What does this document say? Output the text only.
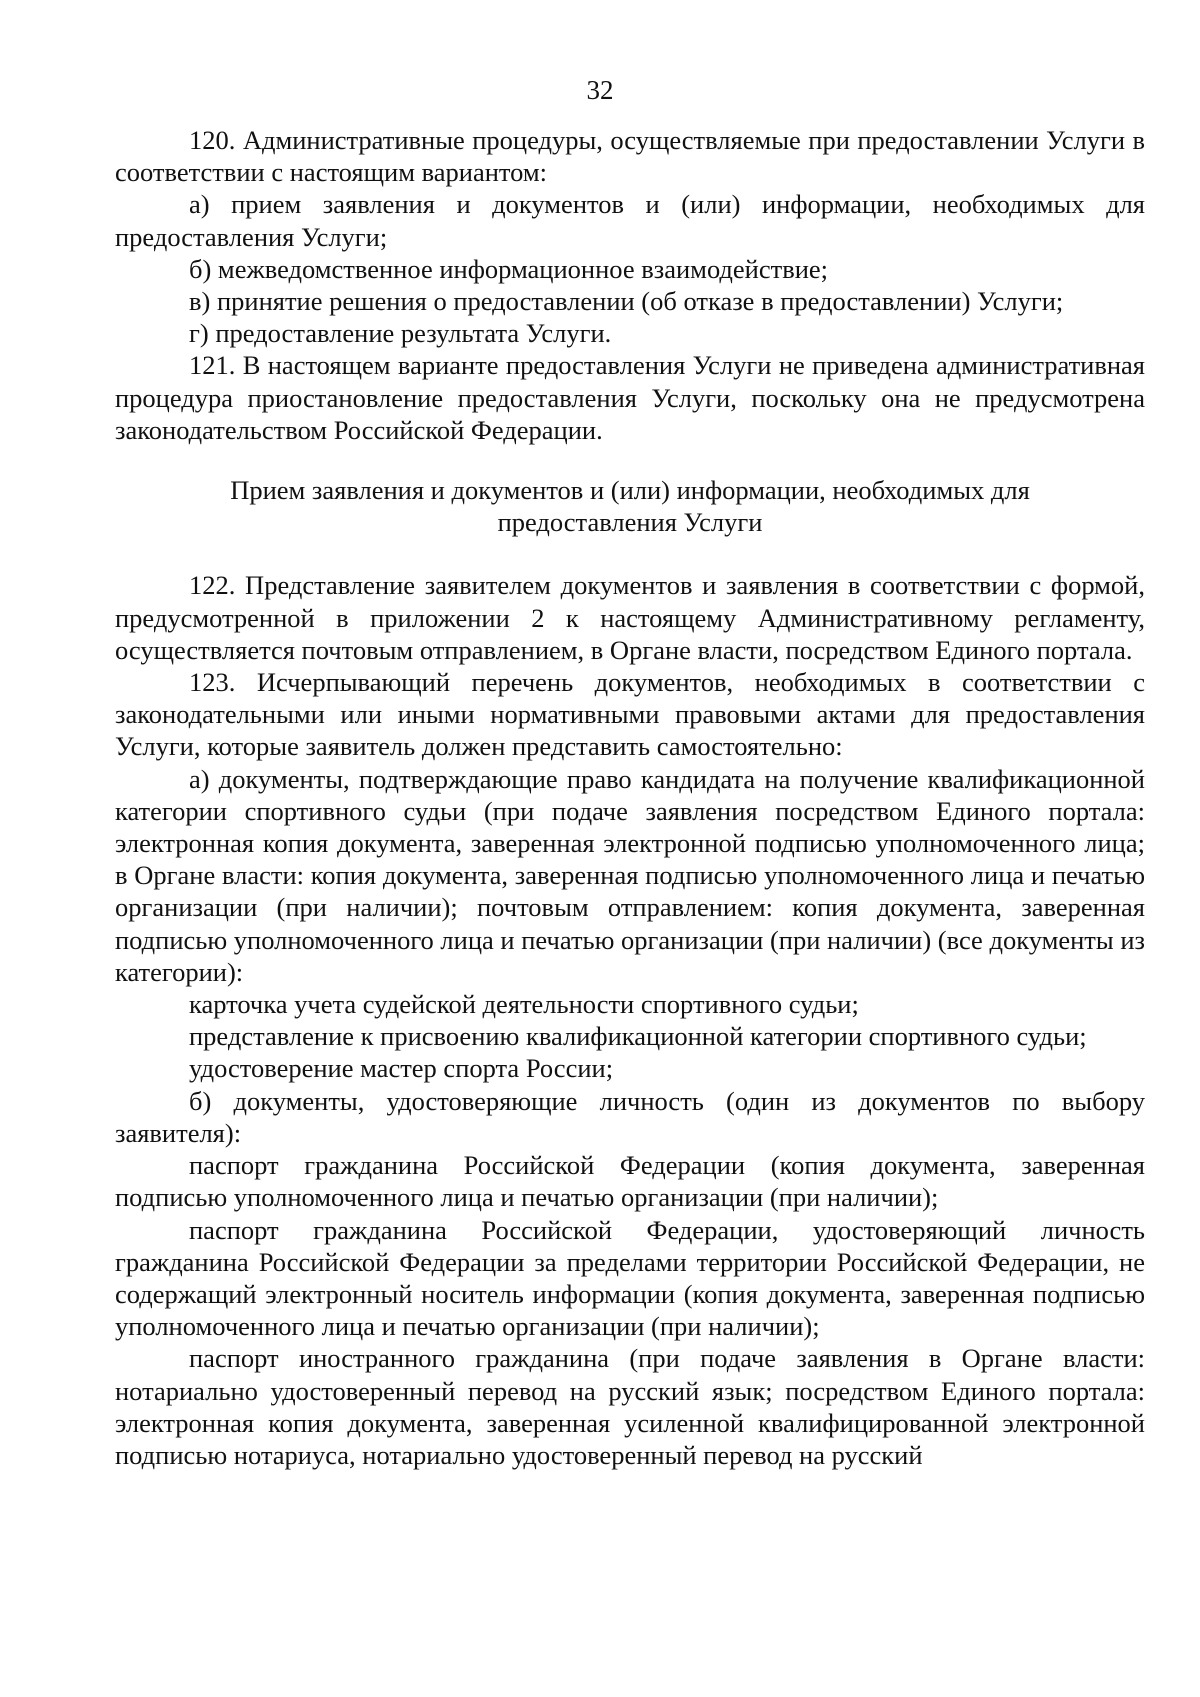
32

120. Административные процедуры, осуществляемые при предоставлении Услуги в соответствии с настоящим вариантом:

а) прием заявления и документов и (или) информации, необходимых для предоставления Услуги;

б) межведомственное информационное взаимодействие;

в) принятие решения о предоставлении (об отказе в предоставлении) Услуги;

г) предоставление результата Услуги.

121. В настоящем варианте предоставления Услуги не приведена административная процедура приостановление предоставления Услуги, поскольку она не предусмотрена законодательством Российской Федерации.

Прием заявления и документов и (или) информации, необходимых для
предоставления Услуги

122. Представление заявителем документов и заявления в соответствии с формой, предусмотренной в приложении 2 к настоящему Административному регламенту, осуществляется почтовым отправлением, в Органе власти, посредством Единого портала.

123. Исчерпывающий перечень документов, необходимых в соответствии с законодательными или иными нормативными правовыми актами для предоставления Услуги, которые заявитель должен представить самостоятельно:

а) документы, подтверждающие право кандидата на получение квалификационной категории спортивного судьи (при подаче заявления посредством Единого портала: электронная копия документа, заверенная электронной подписью уполномоченного лица; в Органе власти: копия документа, заверенная подписью уполномоченного лица и печатью организации (при наличии); почтовым отправлением: копия документа, заверенная подписью уполномоченного лица и печатью организации (при наличии) (все документы из категории):

карточка учета судейской деятельности спортивного судьи;

представление к присвоению квалификационной категории спортивного судьи;

удостоверение мастер спорта России;

б) документы, удостоверяющие личность (один из документов по выбору заявителя):

паспорт гражданина Российской Федерации (копия документа, заверенная подписью уполномоченного лица и печатью организации (при наличии);

паспорт гражданина Российской Федерации, удостоверяющий личность гражданина Российской Федерации за пределами территории Российской Федерации, не содержащий электронный носитель информации (копия документа, заверенная подписью уполномоченного лица и печатью организации (при наличии);

паспорт иностранного гражданина (при подаче заявления в Органе власти: нотариально удостоверенный перевод на русский язык; посредством Единого портала: электронная копия документа, заверенная усиленной квалифицированной электронной подписью нотариуса, нотариально удостоверенный перевод на русский
